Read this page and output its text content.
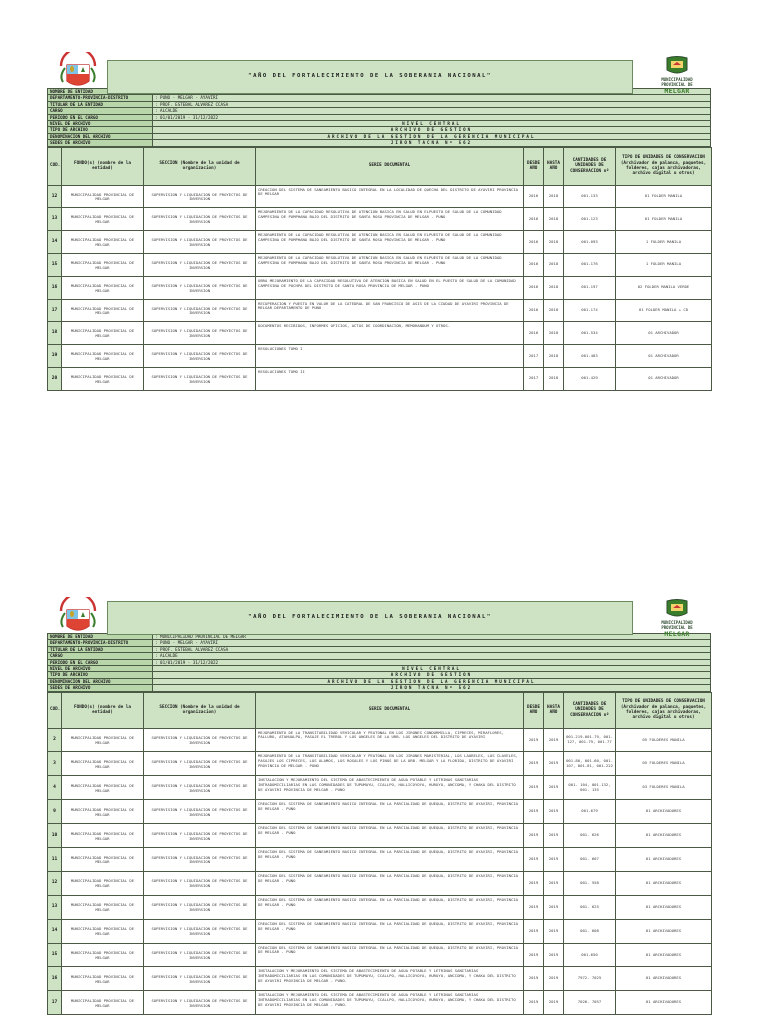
"AÑO DEL FORTALECIMIENTO DE LA SOBERANIA NACIONAL"
MUNICIPALIDAD
PROVINCIAL DE
MELGAR
NOMBRE DE ENTIDAD	
DEPARTAMENTO-PROVINCIA-DISTRITO	: PUNO - MELGAR - AYAVIRI
TITULAR DE LA ENTIDAD	: PROF. ESTEBAL ALVAREZ CCASA
CARGO	: ALCALDE
PERIODO EN EL CARGO	: 01/01/2019 - 31/12/2022
NIVEL DE ARCHIVO	NIVEL CENTRAL
TIPO DE ARCHIVO	ARCHIVO DE GESTION
DENOMINACION DEL ARCHIVO	ARCHIVO DE LA GESTION DE LA GERENCIA MUNICIPAL
SEDES DE ARCHIVO	JIRON TACNA Nº 562
COD.	FONDO(s) (nombre de la entidad)	SECCION (Nombre de la unidad de organizacion)	SERIE DOCUMENTAL	DESDE AÑO	HASTA AÑO	CANTIDADES DE UNIDADES DE CONSERVACION nº	TIPO DE UNIDADES DE CONSERVACION (Archivador de palanca, paquetes, folderes, cajas archivadoras, archivo digital u otros)
12	MUNICIPALIDAD PROVINCIAL DE MELGAR	SUPERVISION Y LIQUIDACION DE PROYECTOS DE INVERSION	CREACION DEL SISTEMA DE SANEAMIENTO BASICO INTEGRAL EN LA LOCALIDAD DE QUECHA DEL DISTRITO DE AYAVIRI PROVINCIA DE MELGAR	2016	2018	001-133	01 FOLDER MANILA
13	MUNICIPALIDAD PROVINCIAL DE MELGAR	SUPERVISION Y LIQUIDACION DE PROYECTOS DE INVERSION	MEJORAMIENTO DE LA CAPACIDAD RESOLUTIVA DE ATENCION BASICA EN SALUD EN ELPUESTO DE SALUD DE LA COMUNIDAD CAMPESINA DE PUMPHANA BAJO DEL DISTRITO DE SANTA ROSA PROVINCIA DE MELGAR - PUNO	2016	2018	001-123	01 FOLDER MANILA
14	MUNICIPALIDAD PROVINCIAL DE MELGAR	SUPERVISION Y LIQUIDACION DE PROYECTOS DE INVERSION	MEJORAMIENTO DE LA CAPACIDAD RESOLUTIVA DE ATENCION BASICA EN SALUD EN ELPUESTO DE SALUD DE LA COMUNIDAD CAMPESINA DE PUMPHANA BAJO DEL DISTRITO DE SANTA ROSA PROVINCIA DE MELGAR - PUNO	2016	2018	001-093	1 FOLDER MANILA
15	MUNICIPALIDAD PROVINCIAL DE MELGAR	SUPERVISION Y LIQUIDACION DE PROYECTOS DE INVERSION	MEJORAMIENTO DE LA CAPACIDAD RESOLUTIVA DE ATENCION BASICA EN SALUD EN ELPUESTO DE SALUD DE LA COMUNIDAD CAMPESINA DE PUMPHANA BAJO DEL DISTRITO DE SANTA ROSA PROVINCIA DE MELGAR - PUNO	2016	2018	001-176	1 FOLDER MANILA
16	MUNICIPALIDAD PROVINCIAL DE MELGAR	SUPERVISION Y LIQUIDACION DE PROYECTOS DE INVERSION	OBRA MEJORAMIENTO DE LA CAPACIDAD RESOLUTIVA DE ATENCION BASICA EN SALUD EN EL PUESTO DE SALUD DE LA COMUNIDAD CAMPESINA DE PUCHPA DEL DISTRITO DE SANTA ROSA PROVINCIA DE MELGAR - PUNO	2016	2018	001-197	02 FOLDER MANILA VERDE
17	MUNICIPALIDAD PROVINCIAL DE MELGAR	SUPERVISION Y LIQUIDACION DE PROYECTOS DE INVERSION	RECUPERACION Y PUESTA EN VALOR DE LA CATEDRAL DE SAN FRANCISCO DE ASIS DE LA CIUDAD DE AYAVIRI PROVINCIA DE MELGAR DEPARTAMENTO DE PUNO	2016	2018	001-174	01 FOLDER MANILA + CD
18	MUNICIPALIDAD PROVINCIAL DE MELGAR	SUPERVISION Y LIQUIDACION DE PROYECTOS DE INVERSION	DOCUMENTOS RECIBIDOS, INFORMES OFICIOS, ACTAS DE COORDINACION, MEMORANDUM Y OTROS.	2016	2018	001-534	01 ARCHIVADOR
19	MUNICIPALIDAD PROVINCIAL DE MELGAR	SUPERVISION Y LIQUIDACION DE PROYECTOS DE INVERSION	RESOLUCIONES TOMO I	2017	2018	001-483	01 ARCHIVADOR
20	MUNICIPALIDAD PROVINCIAL DE MELGAR	SUPERVISION Y LIQUIDACION DE PROYECTOS DE INVERSION	RESOLUCIONES TOMO II	2017	2018	001-429	01 ARCHIVADOR
"AÑO DEL FORTALECIMIENTO DE LA SOBERANIA NACIONAL"
MUNICIPALIDAD
PROVINCIAL DE
MELGAR
NOMBRE DE ENTIDAD	: MUNICIPALIDAD PROVINCIAL DE MELGAR
DEPARTAMENTO-PROVINCIA-DISTRITO	: PUNO - MELGAR - AYAVIRI
TITULAR DE LA ENTIDAD	: PROF. ESTEBAL ALVAREZ CCASA
CARGO	: ALCALDE
PERIODO EN EL CARGO	: 01/01/2019 - 31/12/2022
NIVEL DE ARCHIVO	NIVEL CENTRAL
TIPO DE ARCHIVO	ARCHIVO DE GESTION
DENOMINACION DEL ARCHIVO	ARCHIVO DE LA GESTION DE LA GERENCIA MUNICIPAL
SEDES DE ARCHIVO	JIRON TACNA Nº 562
COD.	FONDO(s) (nombre de la entidad)	SECCION (Nombre de la unidad de organizacion)	SERIE DOCUMENTAL	DESDE AÑO	HASTA AÑO	CANTIDADES DE UNIDADES DE CONSERVACION nº	TIPO DE UNIDADES DE CONSERVACION (Archivador de palanca, paquetes, folderes, cajas archivadoras, archivo digital u otros)
2	MUNICIPALIDAD PROVINCIAL DE MELGAR	SUPERVISION Y LIQUIDACION DE PROYECTOS DE INVERSION	MEJORAMIENTO DE LA TRANSITABILIDAD VEHICULAR Y PEATONAL EN LOS JIRONES CONDORMILLA, CIPRECES, MIRAFLORES, PALLURO, ATAHUALPA, PASAJE EL TREBOL Y LOS ANGELES DE LA URB. LOS ANGELES DEL DISTRITO DE AYAVIRI	2019	2019	001-219-001-79, 001-127, 001-79, 001-77	05 FOLDERES MANILA
3	MUNICIPALIDAD PROVINCIAL DE MELGAR	SUPERVISION Y LIQUIDACION DE PROYECTOS DE INVERSION	MEJORAMIENTO DE LA TRANSITABILIDAD VEHICULAR Y PEATONAL EN LOS JIRONES MARISTERIAL, LOS LAURELES, LOS CLAVELES, PASAJES LOS CIPRECES, LOS ALAMOS, LOS ROSALES Y LOS PINOS DE LA URB. MELGAR Y LA FLORIDA, DISTRITO DE AYAVIRI PROVINCIA DE MELGAR - PUNO	2019	2019	001-80, 001-60, 001-107, 001-81, 001-222	05 FOLDERES MANILA
4	MUNICIPALIDAD PROVINCIAL DE MELGAR	SUPERVISION Y LIQUIDACION DE PROYECTOS DE INVERSION	INSTALACION Y MEJORAMIENTO DEL SISTEMA DE ABASTECIMIENTO DE AGUA POTABLE Y LETRINAS SANITARIAS INTRADOMICILIARIAS EN LAS COMUNIDADES DE TUPUMAYU, CCALLPO, HALLICOYOYA, HURUYO, ANCCOMA, Y CHAKA DEL DISTRITO DE AYAVIRI PROVINCIA DE MELGAR - PUNO	2019	2019	001- 104, 001-132, 001- 135	03 FOLDERES MANILA
9	MUNICIPALIDAD PROVINCIAL DE MELGAR	SUPERVISION Y LIQUIDACION DE PROYECTOS DE INVERSION	CREACION DEL SISTEMA DE SANEAMIENTO BASICO INTEGRAL EN LA PARCIALIDAD DE QUEQUA, DISTRITO DE AYAVIRI, PROVINCIA DE MELGAR - PUNO	2019	2019	001-679	01 ARCHIVADORES
10	MUNICIPALIDAD PROVINCIAL DE MELGAR	SUPERVISION Y LIQUIDACION DE PROYECTOS DE INVERSION	CREACION DEL SISTEMA DE SANEAMIENTO BASICO INTEGRAL EN LA PARCIALIDAD DE QUEQUA, DISTRITO DE AYAVIRI, PROVINCIA DE MELGAR - PUNO	2019	2019	001- 626	01 ARCHIVADORES
11	MUNICIPALIDAD PROVINCIAL DE MELGAR	SUPERVISION Y LIQUIDACION DE PROYECTOS DE INVERSION	CREACION DEL SISTEMA DE SANEAMIENTO BASICO INTEGRAL EN LA PARCIALIDAD DE QUEQUA, DISTRITO DE AYAVIRI, PROVINCIA DE MELGAR - PUNO	2019	2019	001- 607	01 ARCHIVADORES
12	MUNICIPALIDAD PROVINCIAL DE MELGAR	SUPERVISION Y LIQUIDACION DE PROYECTOS DE INVERSION	CREACION DEL SISTEMA DE SANEAMIENTO BASICO INTEGRAL EN LA PARCIALIDAD DE QUEQUA, DISTRITO DE AYAVIRI, PROVINCIA DE MELGAR - PUNO	2019	2019	001- 558	01 ARCHIVADORES
13	MUNICIPALIDAD PROVINCIAL DE MELGAR	SUPERVISION Y LIQUIDACION DE PROYECTOS DE INVERSION	CREACION DEL SISTEMA DE SANEAMIENTO BASICO INTEGRAL EN LA PARCIALIDAD DE QUEQUA, DISTRITO DE AYAVIRI, PROVINCIA DE MELGAR - PUNO	2019	2019	001- 625	01 ARCHIVADORES
14	MUNICIPALIDAD PROVINCIAL DE MELGAR	SUPERVISION Y LIQUIDACION DE PROYECTOS DE INVERSION	CREACION DEL SISTEMA DE SANEAMIENTO BASICO INTEGRAL EN LA PARCIALIDAD DE QUEQUA, DISTRITO DE AYAVIRI, PROVINCIA DE MELGAR - PUNO	2019	2019	001- 608	01 ARCHIVADORES
15	MUNICIPALIDAD PROVINCIAL DE MELGAR	SUPERVISION Y LIQUIDACION DE PROYECTOS DE INVERSION	CREACION DEL SISTEMA DE SANEAMIENTO BASICO INTEGRAL EN LA PARCIALIDAD DE QUEQUA, DISTRITO DE AYAVIRI, PROVINCIA DE MELGAR - PUNO	2019	2019	001-650	01 ARCHIVADORES
16	MUNICIPALIDAD PROVINCIAL DE MELGAR	SUPERVISION Y LIQUIDACION DE PROYECTOS DE INVERSION	INSTALACION Y MEJORAMIENTO DEL SISTEMA DE ABASTECIMIENTO DE AGUA POTABLE Y LETRINAS SANITARIAS INTRADOMICILIARIAS EN LAS COMUNIDADES DE TUPUMAYU, CCALLPO, HALLICOYOYA, HURUYO, ANCCOMA, Y CHAKA DEL DISTRITO DE AYAVIRI PROVINCIA DE MELGAR - PUNO.	2019	2019	7972- 7025	01 ARCHIVADORES
17	MUNICIPALIDAD PROVINCIAL DE MELGAR	SUPERVISION Y LIQUIDACION DE PROYECTOS DE INVERSION	INSTALACION Y MEJORAMIENTO DEL SISTEMA DE ABASTECIMIENTO DE AGUA POTABLE Y LETRINAS SANITARIAS INTRADOMICILIARIAS EN LAS COMUNIDADES DE TUPUMAYU, CCALLPO, HALLICOYOYA, HURUYO, ANCCOMA, Y CHAKA DEL DISTRITO DE AYAVIRI PROVINCIA DE MELGAR - PUNO.	2019	2019	7026- 7057	01 ARCHIVADORES
